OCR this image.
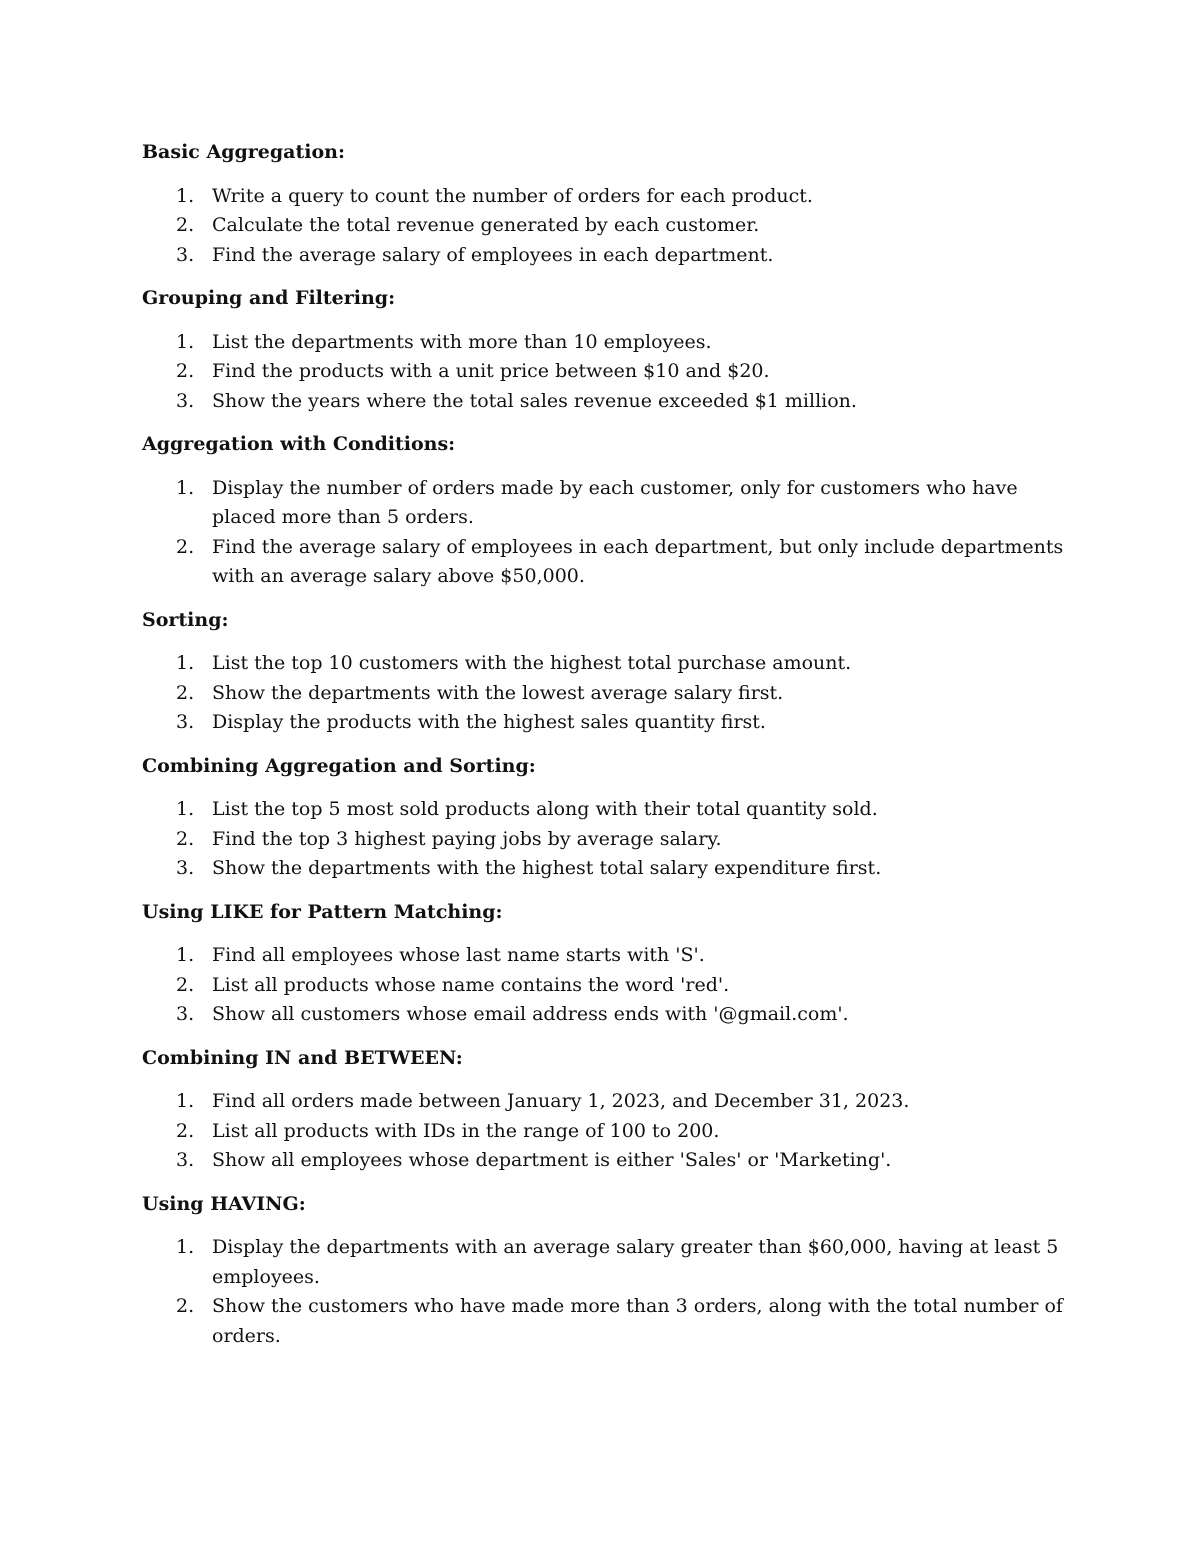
Basic Aggregation:
1. Write a query to count the number of orders for each product.
2. Calculate the total revenue generated by each customer.
3. Find the average salary of employees in each department.
Grouping and Filtering:
1. List the departments with more than 10 employees.
2. Find the products with a unit price between $10 and $20.
3. Show the years where the total sales revenue exceeded $1 million.
Aggregation with Conditions:
1. Display the number of orders made by each customer, only for customers who have placed more than 5 orders.
2. Find the average salary of employees in each department, but only include departments with an average salary above $50,000.
Sorting:
1. List the top 10 customers with the highest total purchase amount.
2. Show the departments with the lowest average salary first.
3. Display the products with the highest sales quantity first.
Combining Aggregation and Sorting:
1. List the top 5 most sold products along with their total quantity sold.
2. Find the top 3 highest paying jobs by average salary.
3. Show the departments with the highest total salary expenditure first.
Using LIKE for Pattern Matching:
1. Find all employees whose last name starts with 'S'.
2. List all products whose name contains the word 'red'.
3. Show all customers whose email address ends with '@gmail.com'.
Combining IN and BETWEEN:
1. Find all orders made between January 1, 2023, and December 31, 2023.
2. List all products with IDs in the range of 100 to 200.
3. Show all employees whose department is either 'Sales' or 'Marketing'.
Using HAVING:
1. Display the departments with an average salary greater than $60,000, having at least 5 employees.
2. Show the customers who have made more than 3 orders, along with the total number of orders.
